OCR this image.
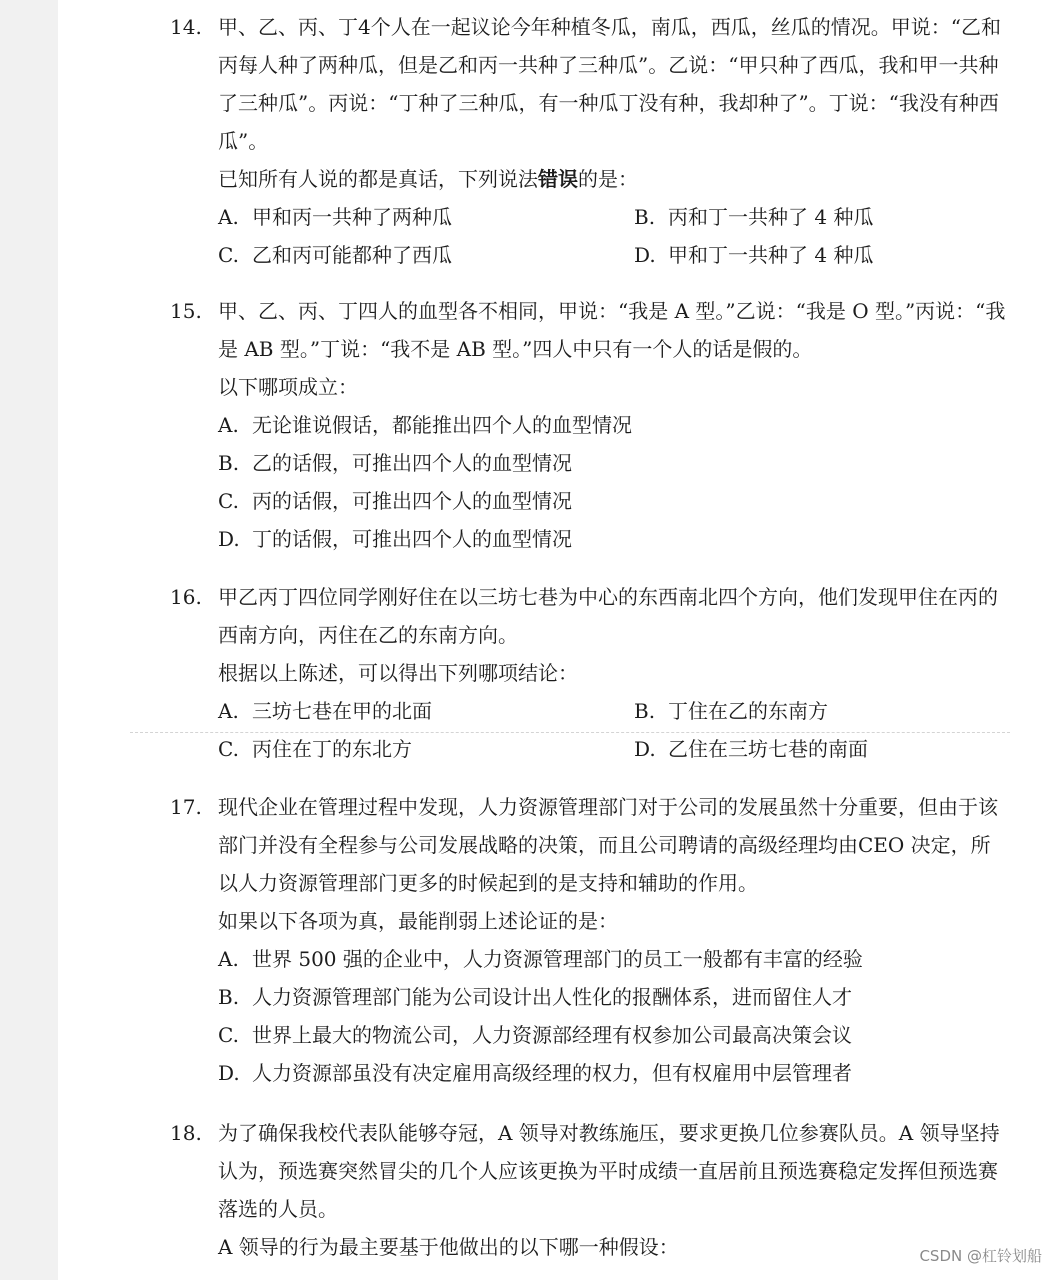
14. 甲、乙、丙、丁4个人在一起议论今年种植冬瓜，南瓜，西瓜，丝瓜的情况。甲说：“乙和丙每人种了两种瓜，但是乙和丙一共种了三种瓜”。乙说：“甲只种了西瓜，我和甲一共种了三种瓜”。丙说：“丁种了三种瓜，有一种瓜丁没有种，我却种了”。丁说：“我没有种西瓜”。
已知所有人说的都是真话，下列说法错误的是：
A. 甲和丙一共种了两种瓜	B. 丙和丁一共种了 4 种瓜
C. 乙和丙可能都种了西瓜	D. 甲和丁一共种了 4 种瓜
15. 甲、乙、丙、丁四人的血型各不相同，甲说：“我是 A 型。”乙说：“我是 O 型。”丙说：“我是 AB 型。”丁说：“我不是 AB 型。”四人中只有一个人的话是假的。
以下哪项成立：
A. 无论谁说假话，都能推出四个人的血型情况
B. 乙的话假，可推出四个人的血型情况
C. 丙的话假，可推出四个人的血型情况
D. 丁的话假，可推出四个人的血型情况
16. 甲乙丙丁四位同学刚好住在以三坊七巷为中心的东西南北四个方向，他们发现甲住在丙的西南方向，丙住在乙的东南方向。
根据以上陈述，可以得出下列哪项结论：
A. 三坊七巷在甲的北面	B. 丁住在乙的东南方
C. 丙住在丁的东北方	D. 乙住在三坊七巷的南面
17. 现代企业在管理过程中发现，人力资源管理部门对于公司的发展虽然十分重要，但由于该部门并没有全程参与公司发展战略的决策，而且公司聘请的高级经理均由CEO 决定，所以人力资源管理部门更多的时候起到的是支持和辅助的作用。
如果以下各项为真，最能削弱上述论证的是：
A. 世界 500 强的企业中，人力资源管理部门的员工一般都有丰富的经验
B. 人力资源管理部门能为公司设计出人性化的报酬体系，进而留住人才
C. 世界上最大的物流公司，人力资源部经理有权参加公司最高决策会议
D. 人力资源部虽没有决定雇用高级经理的权力，但有权雇用中层管理者
18. 为了确保我校代表队能够夺冠，A 领导对教练施压，要求更换几位参赛队员。A 领导坚持认为，预选赛突然冒尖的几个人应该更换为平时成绩一直居前且预选赛稳定发挥但预选赛落选的人员。
A 领导的行为最主要基于他做出的以下哪一种假设：	CSDN @杠铃划船
